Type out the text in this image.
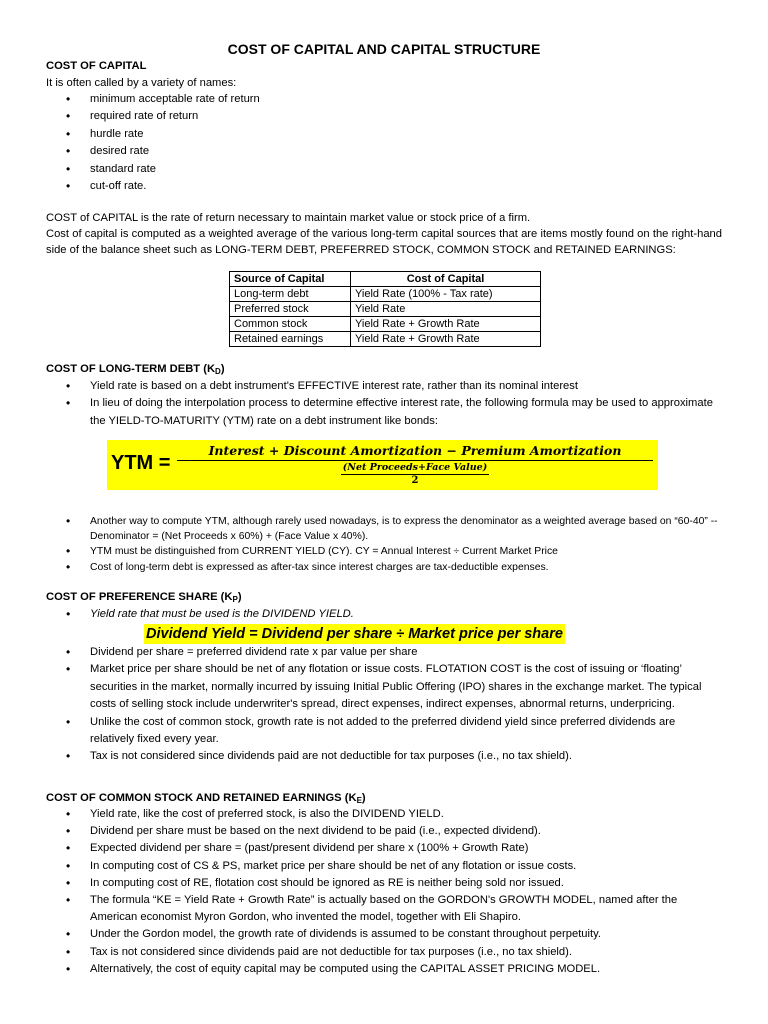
COST OF CAPITAL AND CAPITAL STRUCTURE
COST OF CAPITAL
It is often called by a variety of names:
• minimum acceptable rate of return
• required rate of return
• hurdle rate
• desired rate
• standard rate
• cut-off rate.
COST of CAPITAL is the rate of return necessary to maintain market value or stock price of a firm.
Cost of capital is computed as a weighted average of the various long-term capital sources that are items mostly found on the right-hand side of the balance sheet such as LONG-TERM DEBT, PREFERRED STOCK, COMMON STOCK and RETAINED EARNINGS:
Source of Capital	Cost of Capital
Long-term debt	Yield Rate (100% - Tax rate)
Preferred stock	Yield Rate
Common stock	Yield Rate + Growth Rate
Retained earnings	Yield Rate + Growth Rate
COST OF LONG-TERM DEBT $(K_D)$
• Yield rate is based on a debt instrument's EFFECTIVE interest rate, rather than its nominal interest
• In lieu of doing the interpolation process to determine effective interest rate, the following formula may be used to approximate the YIELD-TO-MATURITY (YTM) rate on a debt instrument like bonds:
YTM =
Interest + Discount Amortization − Premium Amortization
(Net Proceeds+Face Value)
2
• Another way to compute YTM, although rarely used nowadays, is to express the denominator as a weighted average based on “60-40” -- Denominator = (Net Proceeds x 60%) + (Face Value x 40%).
• YTM must be distinguished from CURRENT YIELD (CY). CY = Annual Interest ÷ Current Market Price
• Cost of long-term debt is expressed as after-tax since interest charges are tax-deductible expenses.
COST OF PREFERENCE SHARE $(K_P)$
• Yield rate that must be used is the DIVIDEND YIELD.
Dividend Yield = Dividend per share ÷ Market price per share
• Dividend per share = preferred dividend rate x par value per share
• Market price per share should be net of any flotation or issue costs. FLOTATION COST is the cost of issuing or ‘floating’ securities in the market, normally incurred by issuing Initial Public Offering (IPO) shares in the exchange market. The typical costs of selling stock include underwriter's spread, direct expenses, indirect expenses, abnormal returns, underpricing.
• Unlike the cost of common stock, growth rate is not added to the preferred dividend yield since preferred dividends are relatively fixed every year.
• Tax is not considered since dividends paid are not deductible for tax purposes (i.e., no tax shield).
COST OF COMMON STOCK AND RETAINED EARNINGS $(K_E)$
• Yield rate, like the cost of preferred stock, is also the DIVIDEND YIELD.
• Dividend per share must be based on the next dividend to be paid (i.e., expected dividend).
• Expected dividend per share = (past/present dividend per share x (100% + Growth Rate)
• In computing cost of CS & PS, market price per share should be net of any flotation or issue costs.
• In computing cost of RE, flotation cost should be ignored as RE is neither being sold nor issued.
• The formula “KE = Yield Rate + Growth Rate” is actually based on the GORDON's GROWTH MODEL, named after the American economist Myron Gordon, who invented the model, together with Eli Shapiro.
• Under the Gordon model, the growth rate of dividends is assumed to be constant throughout perpetuity.
• Tax is not considered since dividends paid are not deductible for tax purposes (i.e., no tax shield).
• Alternatively, the cost of equity capital may be computed using the CAPITAL ASSET PRICING MODEL.
